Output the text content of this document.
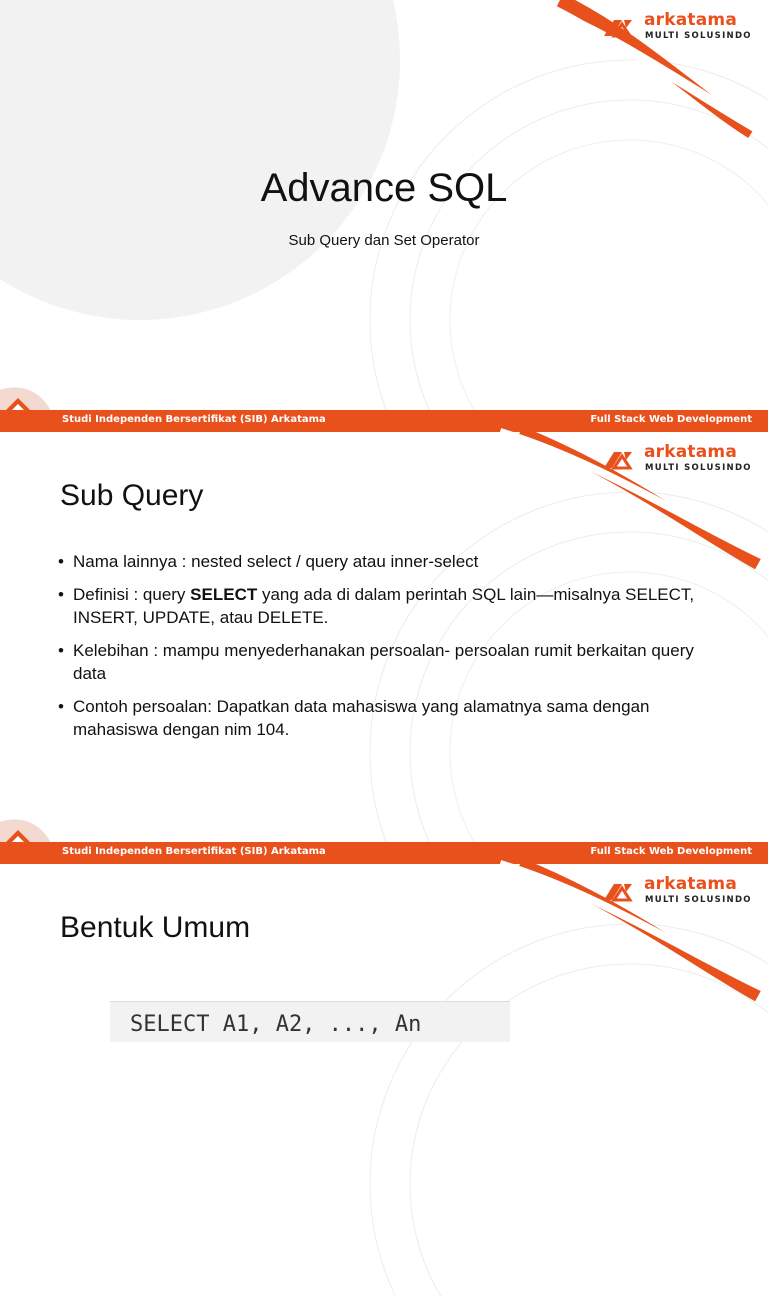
arkatama
MULTI SOLUSINDO
Advance SQL
Sub Query dan Set Operator
Studi Independen Bersertifikat (SIB) Arkatama	Full Stack Web Development
arkatama
MULTI SOLUSINDO
Sub Query
• Nama lainnya : nested select / query atau inner-select
• Definisi : query SELECT yang ada di dalam perintah SQL lain—misalnya SELECT, INSERT, UPDATE, atau DELETE.
• Kelebihan : mampu menyederhanakan persoalan- persoalan rumit berkaitan query data
• Contoh persoalan: Dapatkan data mahasiswa yang alamatnya sama dengan mahasiswa dengan nim 104.
Studi Independen Bersertifikat (SIB) Arkatama	Full Stack Web Development
arkatama
MULTI SOLUSINDO
Bentuk Umum
SELECT A1, A2, ..., An
